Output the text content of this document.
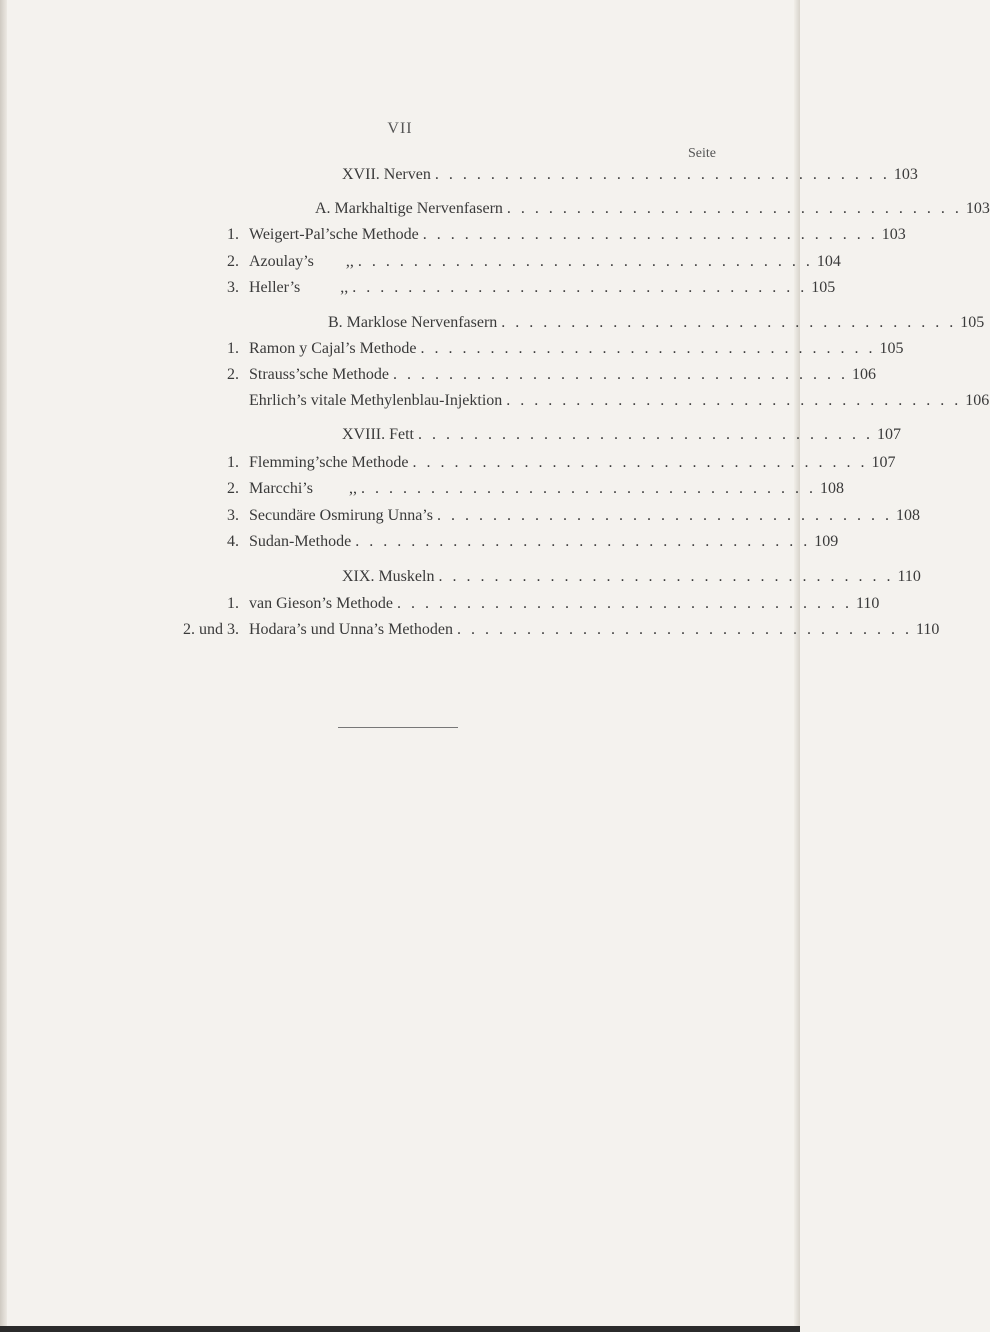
VII
Seite
XVII. Nerven . . . . . . . . . . . . . . . . . . . . . . . . . . . . . . . . . 103
A. Markhaltige Nervenfasern . . . . . . . . . . . . . . . . . . . . . . . . . . . . . . . . . 103
1. Weigert-Pal’sche Methode . . . . . . . . . . . . . . . . . . . . . . . . . . . . . . . . . 103
2. Azoulay’s        ,, . . . . . . . . . . . . . . . . . . . . . . . . . . . . . . . . . 104
3. Heller’s          ,, . . . . . . . . . . . . . . . . . . . . . . . . . . . . . . . . . 105
B. Marklose Nervenfasern . . . . . . . . . . . . . . . . . . . . . . . . . . . . . . . . . 105
1. Ramon y Cajal’s Methode . . . . . . . . . . . . . . . . . . . . . . . . . . . . . . . . . 105
2. Strauss’sche Methode . . . . . . . . . . . . . . . . . . . . . . . . . . . . . . . . . 106
Ehrlich’s vitale Methylenblau-Injektion . . . . . . . . . . . . . . . . . . . . . . . . . . . . . . . . . 106
XVIII. Fett . . . . . . . . . . . . . . . . . . . . . . . . . . . . . . . . . 107
1. Flemming’sche Methode . . . . . . . . . . . . . . . . . . . . . . . . . . . . . . . . . 107
2. Marcchi’s         ,, . . . . . . . . . . . . . . . . . . . . . . . . . . . . . . . . . 108
3. Secundäre Osmirung Unna’s . . . . . . . . . . . . . . . . . . . . . . . . . . . . . . . . . 108
4. Sudan-Methode . . . . . . . . . . . . . . . . . . . . . . . . . . . . . . . . . 109
XIX. Muskeln . . . . . . . . . . . . . . . . . . . . . . . . . . . . . . . . . 110
1. van Gieson’s Methode . . . . . . . . . . . . . . . . . . . . . . . . . . . . . . . . . 110
2. und 3. Hodara’s und Unna’s Methoden . . . . . . . . . . . . . . . . . . . . . . . . . . . . . . . . . 110
